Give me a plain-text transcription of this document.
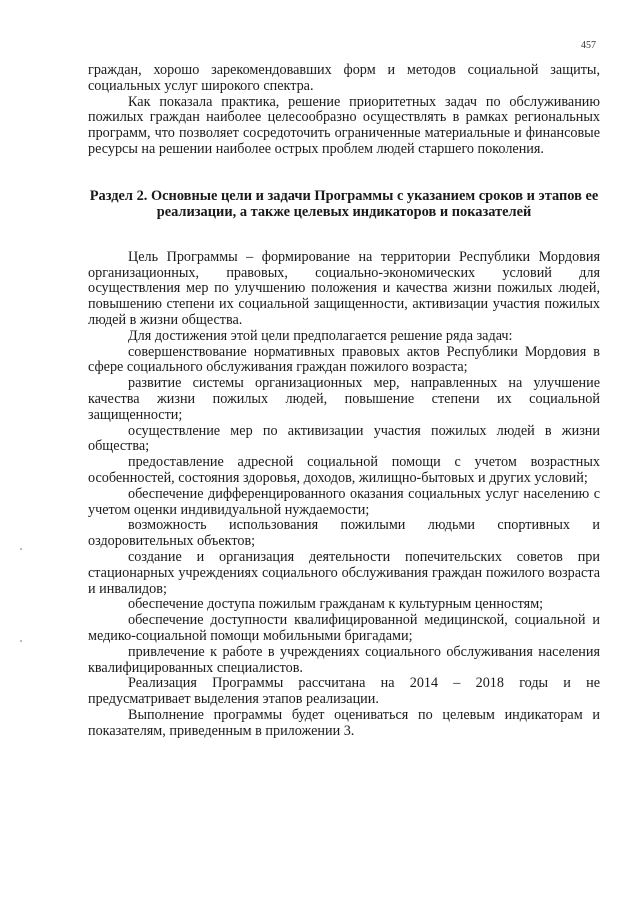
457

граждан, хорошо зарекомендовавших форм и методов социальной защиты, социальных услуг широкого спектра.

Как показала практика, решение приоритетных задач по обслуживанию пожилых граждан наиболее целесообразно осуществлять в рамках региональных программ, что позволяет сосредоточить ограниченные материальные и финансовые ресурсы на решении наиболее острых проблем людей старшего поколения.

Раздел 2. Основные цели и задачи Программы с указанием сроков и этапов ее реализации, а также целевых индикаторов и показателей

Цель Программы – формирование на территории Республики Мордовия организационных, правовых, социально-экономических условий для осуществления мер по улучшению положения и качества жизни пожилых людей, повышению степени их социальной защищенности, активизации участия пожилых людей в жизни общества.

Для достижения этой цели предполагается решение ряда задач:

совершенствование нормативных правовых актов Республики Мордовия в сфере социального обслуживания граждан пожилого возраста;

развитие системы организационных мер, направленных на улучшение качества жизни пожилых людей, повышение степени их социальной защищенности;

осуществление мер по активизации участия пожилых людей в жизни общества;

предоставление адресной социальной помощи с учетом возрастных особенностей, состояния здоровья, доходов, жилищно-бытовых и других условий;

обеспечение дифференцированного оказания социальных услуг населению с учетом оценки индивидуальной нуждаемости;

возможность использования пожилыми людьми спортивных и оздоровительных объектов;

создание и организация деятельности попечительских советов при стационарных учреждениях социального обслуживания граждан пожилого возраста и инвалидов;

обеспечение доступа пожилым гражданам к культурным ценностям;

обеспечение доступности квалифицированной медицинской, социальной и медико-социальной помощи мобильными бригадами;

привлечение к работе в учреждениях социального обслуживания населения квалифицированных специалистов.

Реализация Программы рассчитана на 2014 – 2018 годы и не предусматривает выделения этапов реализации.

Выполнение программы будет оцениваться по целевым индикаторам и показателям, приведенным в приложении 3.
